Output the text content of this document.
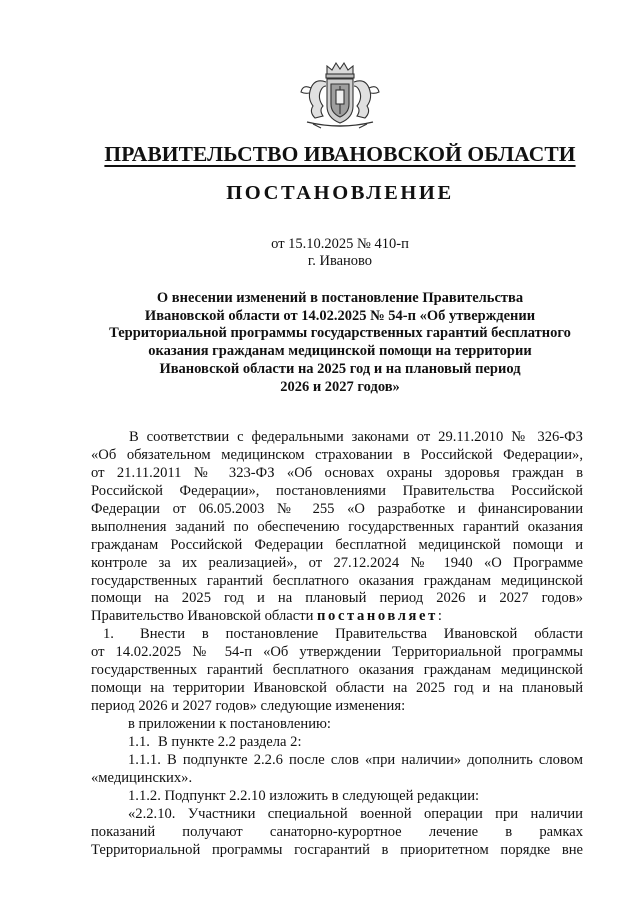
ПРАВИТЕЛЬСТВО ИВАНОВСКОЙ ОБЛАСТИ
ПОСТАНОВЛЕНИЕ
от 15.10.2025 № 410-п
г. Иваново
О внесении изменений в постановление Правительства
Ивановской области от 14.02.2025 № 54-п «Об утверждении
Территориальной программы государственных гарантий бесплатного
оказания гражданам медицинской помощи на территории
Ивановской области на 2025 год и на плановый период
2026 и 2027 годов»
В соответствии с федеральными законами от 29.11.2010 № 326-ФЗ
«Об обязательном медицинском страховании в Российской Федерации»,
от 21.11.2011 № 323-ФЗ «Об основах охраны здоровья граждан в
Российской Федерации», постановлениями Правительства Российской
Федерации от 06.05.2003 № 255 «О разработке и финансировании
выполнения заданий по обеспечению государственных гарантий оказания
гражданам Российской Федерации бесплатной медицинской помощи и
контроле за их реализацией», от 27.12.2024 № 1940 «О Программе
государственных гарантий бесплатного оказания гражданам медицинской
помощи на 2025 год и на плановый период 2026 и 2027 годов»
Правительство Ивановской области постановляет:
1. Внести в постановление Правительства Ивановской области
от 14.02.2025 № 54-п «Об утверждении Территориальной программы
государственных гарантий бесплатного оказания гражданам медицинской
помощи на территории Ивановской области на 2025 год и на плановый
период 2026 и 2027 годов» следующие изменения:
в приложении к постановлению:
1.1. В пункте 2.2 раздела 2:
1.1.1. В подпункте 2.2.6 после слов «при наличии» дополнить словом
«медицинских».
1.1.2. Подпункт 2.2.10 изложить в следующей редакции:
«2.2.10. Участники специальной военной операции при наличии
показаний получают санаторно-курортное лечение в рамках
Территориальной программы госгарантий в приоритетном порядке вне
